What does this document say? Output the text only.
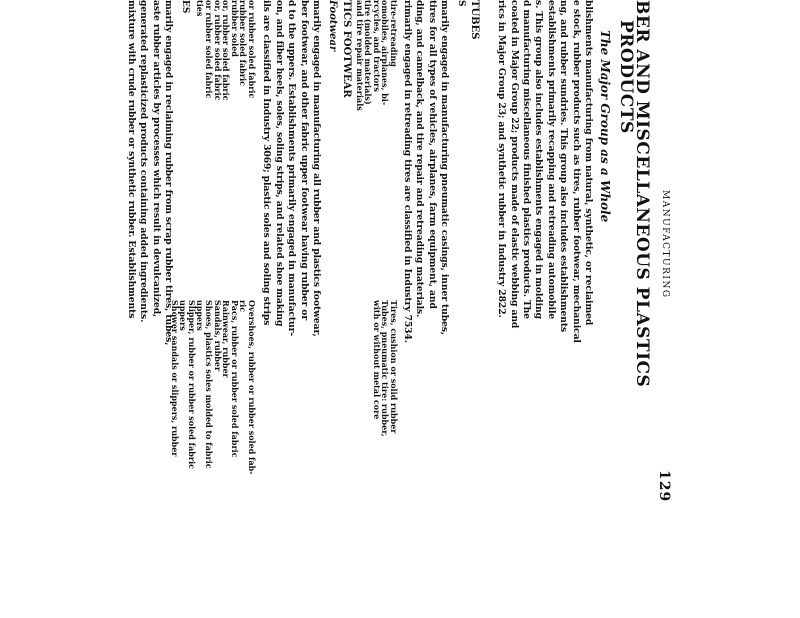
MANUFACTURING
129
BER AND MISCELLANEOUS PLASTICS
PRODUCTS
The Major Group as a Whole
blishments manufacturing from natural, synthetic, or reclaimed
e stock, rubber products such as tires, rubber footwear, mechanical
ng, and rubber sundries. This group also includes establishments
establishments primarily recapping and retreading automobile
s. This group also includes establishments engaged in molding
d manufacturing miscellaneous finished plastics products. The
coated in Major Group 22; products made of elastic webbing and
rics in Major Group 23; and synthetic rubber in Industry 2822.
TUBES
S
marily engaged in manufacturing pneumatic casings, inner tubes,
tires for all types of vehicles, airplanes, farm equipment, and
ding, and camelback, and tire repair and retreading materials.
rimarily engaged in retreading tires are classified in Industry 7534.
tire-retreading
omobiles, airplanes, bi-
rcycles, and tractors
tire (molded materials)
and tire repair materials
Tires, cushion or solid rubber
Tubes, pneumatic tire: rubber,
with or without metal core
TICS FOOTWEAR
Footwear
marily engaged in manufacturing all rubber and plastics footwear,
ber footwear, and other fabric upper footwear having rubber or
d to the uppers. Establishments primarily engaged in manufactur-
on, and fiber heels, soles, soling strips, and related shoe making
ils are classified in Industry 3069; plastic soles and soling strips
or rubber soled fabric
rubber soled fabric
rubber soled
or, rubber soled fabric
or, rubber soled fabric
or rubber soled fabric
ties
Overshoes, rubber or rubber soled fab-
ric
Pacs, rubber or rubber soled fabric
Rainwear, rubber
Sandals, rubber
Shoes, plastics soles molded to fabric
uppers
Slipper, rubber or rubber soled fabric
uppers
Shower sandals or slippers, rubber
ES
marily engaged in reclaiming rubber from scrap rubber tires, tubes,
aste rubber articles by processes which result in devulcanized,
generated replasticized products containing added ingredients.
mixture with crude rubber or synthetic rubber. Establishments
